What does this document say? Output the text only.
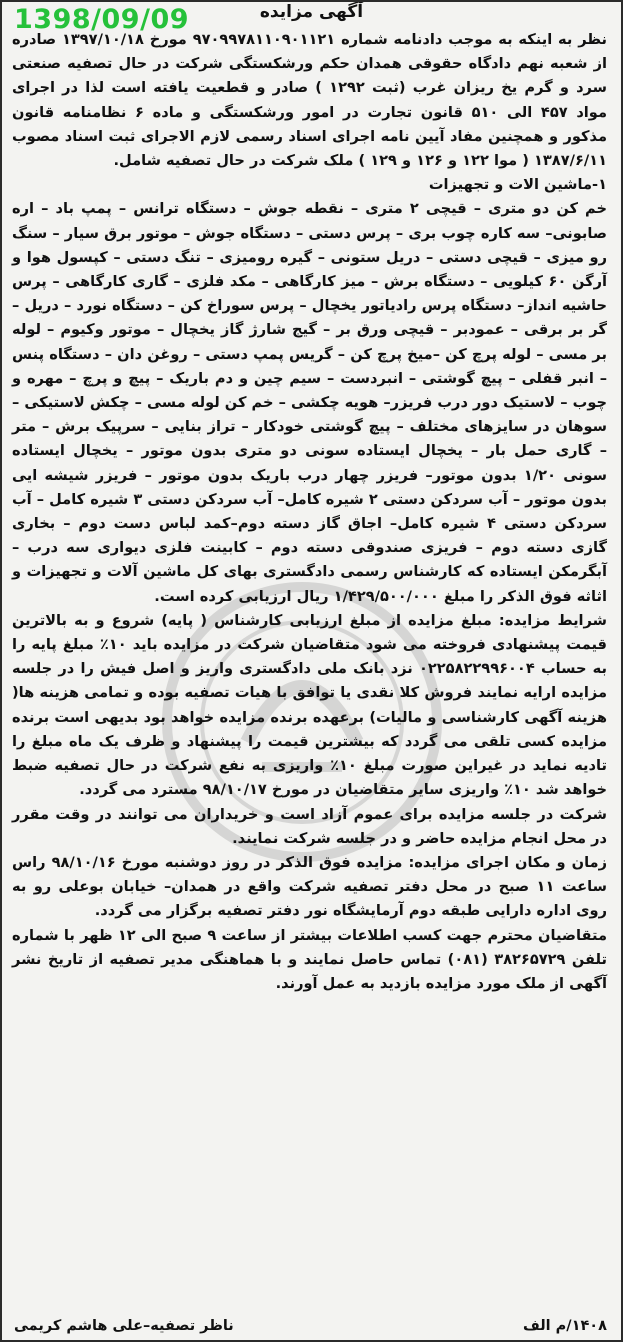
1398/09/09	آگهی مزایده

نظر به اینکه به موجب دادنامه شماره ۹۷۰۹۹۷۸۱۱۰۹۰۱۱۲۱ مورخ ۱۳۹۷/۱۰/۱۸ صادره از شعبه نهم دادگاه حقوقی همدان حکم ورشکستگی شرکت در حال تصفیه صنعتی سرد و گرم یخ ریزان غرب (ثبت ۱۲۹۲ ) صادر و قطعیت یافته است لذا در اجرای مواد ۴۵۷ الی ۵۱۰ قانون تجارت در امور ورشکستگی و ماده ۶ نظامنامه قانون مذکور و همچنین مفاد آیین نامه اجرای اسناد رسمی لازم الاجرای ثبت اسناد مصوب ۱۳۸۷/۶/۱۱ ( موا ۱۲۲ و ۱۲۶ و ۱۲۹ ) ملک شرکت در حال تصفیه شامل.

۱-ماشین الات و تجهیزات

خم کن دو متری – قیچی ۲ متری – نقطه جوش – دستگاه ترانس – پمپ باد – اره صابونی– سه کاره چوب بری – پرس دستی – دستگاه جوش – موتور برق سیار – سنگ رو میزی – قیچی دستی – دریل ستونی – گیره رومیزی – تنگ دستی – کپسول هوا و آرگن ۶۰ کیلویی – دستگاه برش – میز کارگاهی – مکد فلزی – گاری کارگاهی – پرس حاشیه انداز– دستگاه پرس رادیاتور یخچال – پرس سوراخ کن – دستگاه نورد – دریل – گر بر برقی – عمودبر – قیچی ورق بر – گیج شارژ گاز یخچال – موتور وکیوم – لوله بر مسی – لوله پرچ کن –میخ پرچ کن – گریس پمپ دستی – روغن دان – دستگاه پنس – انبر قفلی – پیچ گوشتی – انبردست – سیم چین و دم باریک – پیچ و پرچ – مهره و چوب – لاستیک دور درب فریزر– هویه چکشی – خم کن لوله مسی – چکش لاستیکی – سوهان در سایزهای مختلف – پیچ گوشتی خودکار – تراز بنایی – سرپیک برش – متر – گاری حمل بار – یخچال ایستاده سونی دو متری بدون موتور – یخچال ایستاده سونی ۱/۲۰ بدون موتور– فریزر چهار درب باریک بدون موتور – فریزر شیشه ایی بدون موتور – آب سردکن دستی ۲ شیره کامل– آب سردکن دستی ۳ شیره کامل – آب سردکن دستی ۴ شیره کامل– اجاق گاز دسته دوم–کمد لباس دست دوم – بخاری گازی دسته دوم – فریزی صندوقی دسته دوم – کابینت فلزی دیواری سه درب – آبگرمکن ایستاده که کارشناس رسمی دادگستری بهای کل ماشین آلات و تجهیزات و اثاثه فوق الذکر را مبلغ ۱/۴۲۹/۵۰۰/۰۰۰ ریال ارزیابی کرده است.

شرایط مزایده: مبلغ مزایده از مبلغ ارزیابی کارشناس ( پایه) شروع و به بالاترین قیمت پیشنهادی فروخته می شود متقاضیان شرکت در مزایده باید ۱۰٪ مبلغ پایه را به حساب ۰۲۲۵۸۲۲۹۹۶۰۰۴ نزد بانک ملی دادگستری واریز و اصل فیش را در جلسه مزایده ارایه نمایند فروش کلا نقدی یا توافق با هیات تصفیه بوده و تمامی هزینه ها( هزینه آگهی کارشناسی و مالیات) برعهده برنده مزایده خواهد بود بدیهی است برنده مزایده کسی تلقی می گردد که بیشترین قیمت را پیشنهاد و ظرف یک ماه مبلغ را تادیه نماید در غیراین صورت مبلغ ۱۰٪ واریزی به نفع شرکت در حال تصفیه ضبط خواهد شد ۱۰٪ واریزی سایر متقاضیان در مورخ ۹۸/۱۰/۱۷ مسترد می گردد.

شرکت در جلسه مزایده برای عموم آزاد است و خریداران می توانند در وقت مقرر در محل انجام مزایده حاضر و در جلسه شرکت نمایند.

زمان و مکان اجرای مزایده: مزایده فوق الذکر در روز دوشنبه مورخ ۹۸/۱۰/۱۶ راس ساعت ۱۱ صبح در محل دفتر تصفیه شرکت واقع در همدان– خیابان بوعلی رو به روی اداره دارایی طبقه دوم آرمایشگاه نور دفتر تصفیه برگزار می گردد.

متقاضیان محترم جهت کسب اطلاعات بیشتر از ساعت ۹ صبح الی ۱۲ ظهر با شماره تلفن ۳۸۲۶۵۷۲۹ (۰۸۱) تماس حاصل نمایند و با هماهنگی مدیر تصفیه از تاریخ نشر آگهی از ملک مورد مزایده بازدید به عمل آورند.

۱۴۰۸/م الف
ناظر تصفیه–علی هاشم کریمی
